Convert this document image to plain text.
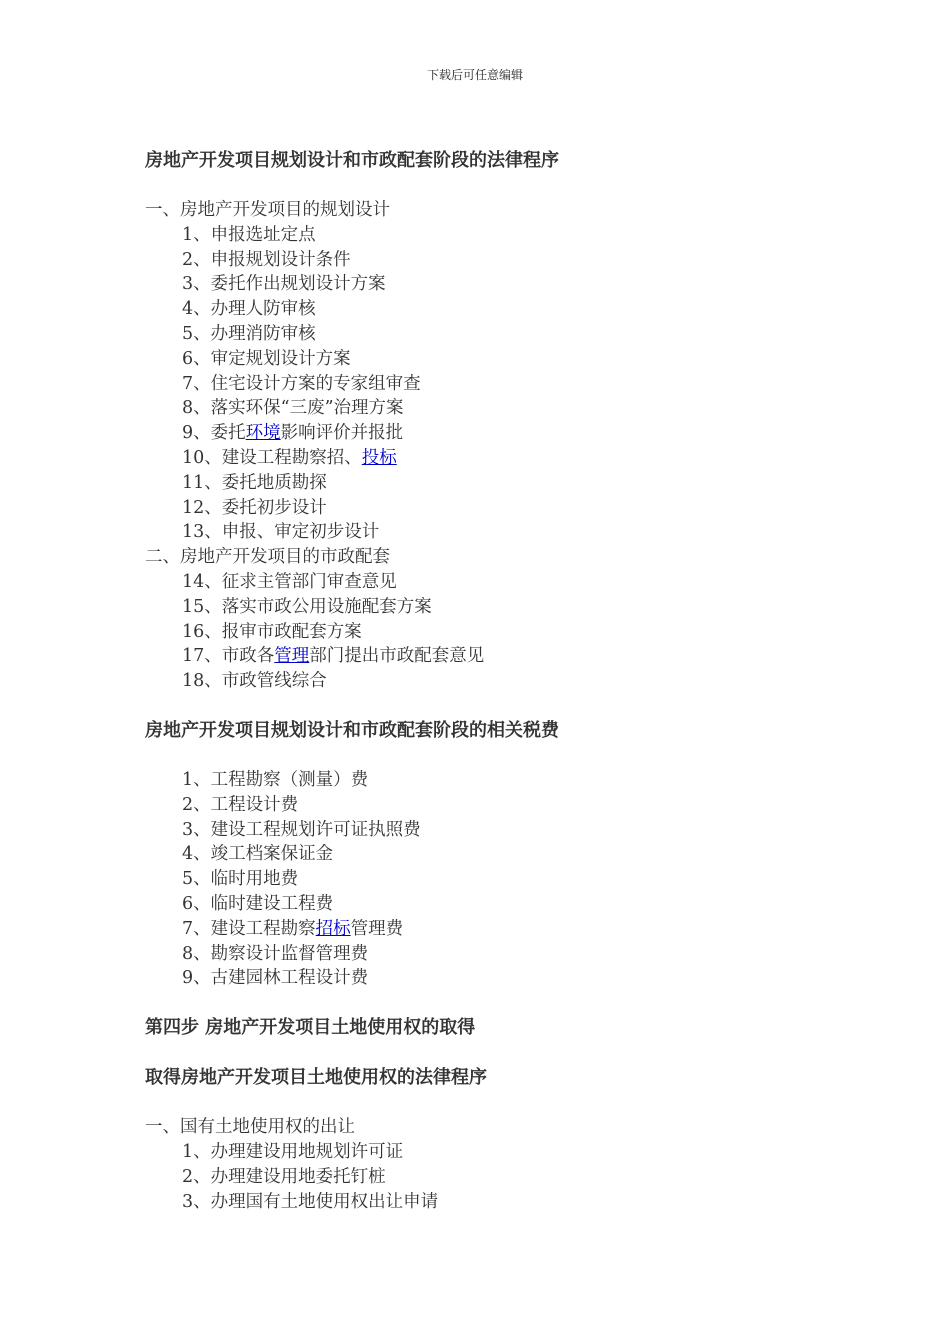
下载后可任意编辑
房地产开发项目规划设计和市政配套阶段的法律程序
一、房地产开发项目的规划设计
1、申报选址定点
2、申报规划设计条件
3、委托作出规划设计方案
4、办理人防审核
5、办理消防审核
6、审定规划设计方案
7、住宅设计方案的专家组审查
8、落实环保“三废”治理方案
9、委托环境影响评价并报批
10、建设工程勘察招、投标
11、委托地质勘探
12、委托初步设计
13、申报、审定初步设计
二、房地产开发项目的市政配套
14、征求主管部门审查意见
15、落实市政公用设施配套方案
16、报审市政配套方案
17、市政各管理部门提出市政配套意见
18、市政管线综合
房地产开发项目规划设计和市政配套阶段的相关税费
1、工程勘察（测量）费
2、工程设计费
3、建设工程规划许可证执照费
4、竣工档案保证金
5、临时用地费
6、临时建设工程费
7、建设工程勘察招标管理费
8、勘察设计监督管理费
9、古建园林工程设计费
第四步 房地产开发项目土地使用权的取得
取得房地产开发项目土地使用权的法律程序
一、国有土地使用权的出让
1、办理建设用地规划许可证
2、办理建设用地委托钉桩
3、办理国有土地使用权出让申请
